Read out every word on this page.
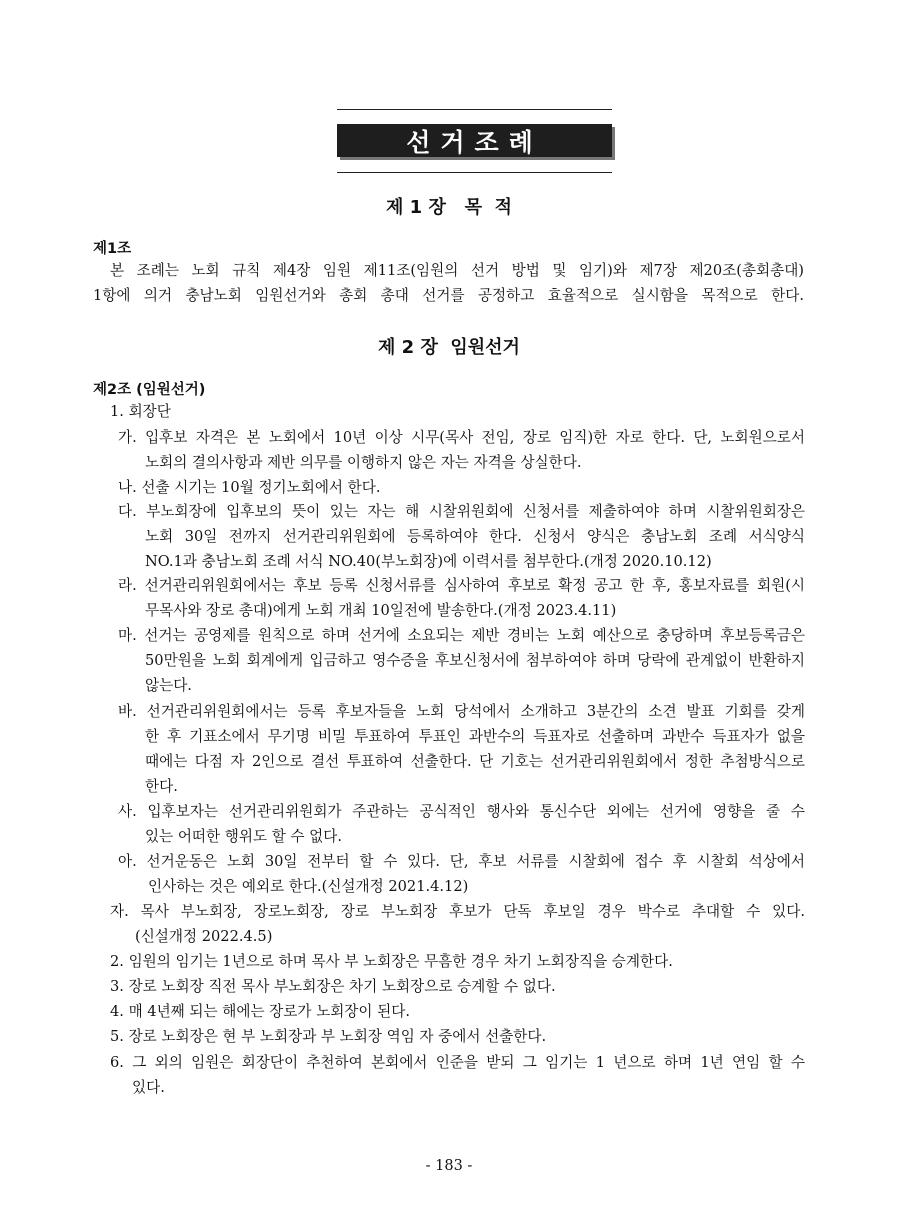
선거조례
제 1 장   목  적
제1조
본 조례는 노회 규칙 제4장 임원 제11조(임원의 선거 방법 및 임기)와 제7장 제20조(총회총대)
1항에 의거 충남노회 임원선거와 총회 총대 선거를 공정하고 효율적으로 실시함을 목적으로 한다.
제 2 장  임원선거
제2조 (임원선거)
1. 회장단
가. 입후보 자격은 본 노회에서 10년 이상 시무(목사 전임, 장로 임직)한 자로 한다. 단, 노회원으로서
노회의 결의사항과 제반 의무를 이행하지 않은 자는 자격을 상실한다.
나. 선출 시기는 10월 정기노회에서 한다.
다. 부노회장에 입후보의 뜻이 있는 자는 해 시찰위원회에 신청서를 제출하여야 하며 시찰위원회장은
노회 30일 전까지 선거관리위원회에 등록하여야 한다. 신청서 양식은 충남노회 조례 서식양식
NO.1과 충남노회 조례 서식 NO.40(부노회장)에 이력서를 첨부한다.(개정 2020.10.12)
라. 선거관리위원회에서는 후보 등록 신청서류를 심사하여 후보로 확정 공고 한 후, 홍보자료를 회원(시
무목사와 장로 총대)에게 노회 개최 10일전에 발송한다.(개정 2023.4.11)
마. 선거는 공영제를 원칙으로 하며 선거에 소요되는 제반 경비는 노회 예산으로 충당하며 후보등록금은
50만원을 노회 회계에게 입금하고 영수증을 후보신청서에 첨부하여야 하며 당락에 관계없이 반환하지
않는다.
바. 선거관리위원회에서는 등록 후보자들을 노회 당석에서 소개하고 3분간의 소견 발표 기회를 갖게
한 후 기표소에서 무기명 비밀 투표하여 투표인 과반수의 득표자로 선출하며 과반수 득표자가 없을
때에는 다점 자 2인으로 결선 투표하여 선출한다. 단 기호는 선거관리위원회에서 정한 추첨방식으로
한다.
사. 입후보자는 선거관리위원회가 주관하는 공식적인 행사와 통신수단 외에는 선거에 영향을 줄 수
있는 어떠한 행위도 할 수 없다.
아. 선거운동은 노회 30일 전부터 할 수 있다. 단, 후보 서류를 시찰회에 접수 후 시찰회 석상에서
인사하는 것은 예외로 한다.(신설개정 2021.4.12)
자. 목사 부노회장, 장로노회장, 장로 부노회장 후보가 단독 후보일 경우 박수로 추대할 수 있다.
(신설개정 2022.4.5)
2. 임원의 임기는 1년으로 하며 목사 부 노회장은 무흠한 경우 차기 노회장직을 승계한다.
3. 장로 노회장 직전 목사 부노회장은 차기 노회장으로 승계할 수 없다.
4. 매 4년째 되는 해에는 장로가 노회장이 된다.
5. 장로 노회장은 현 부 노회장과 부 노회장 역임 자 중에서 선출한다.
6. 그 외의 임원은 회장단이 추천하여 본회에서 인준을 받되 그 임기는 1 년으로 하며 1년 연임 할 수
있다.
- 183 -
